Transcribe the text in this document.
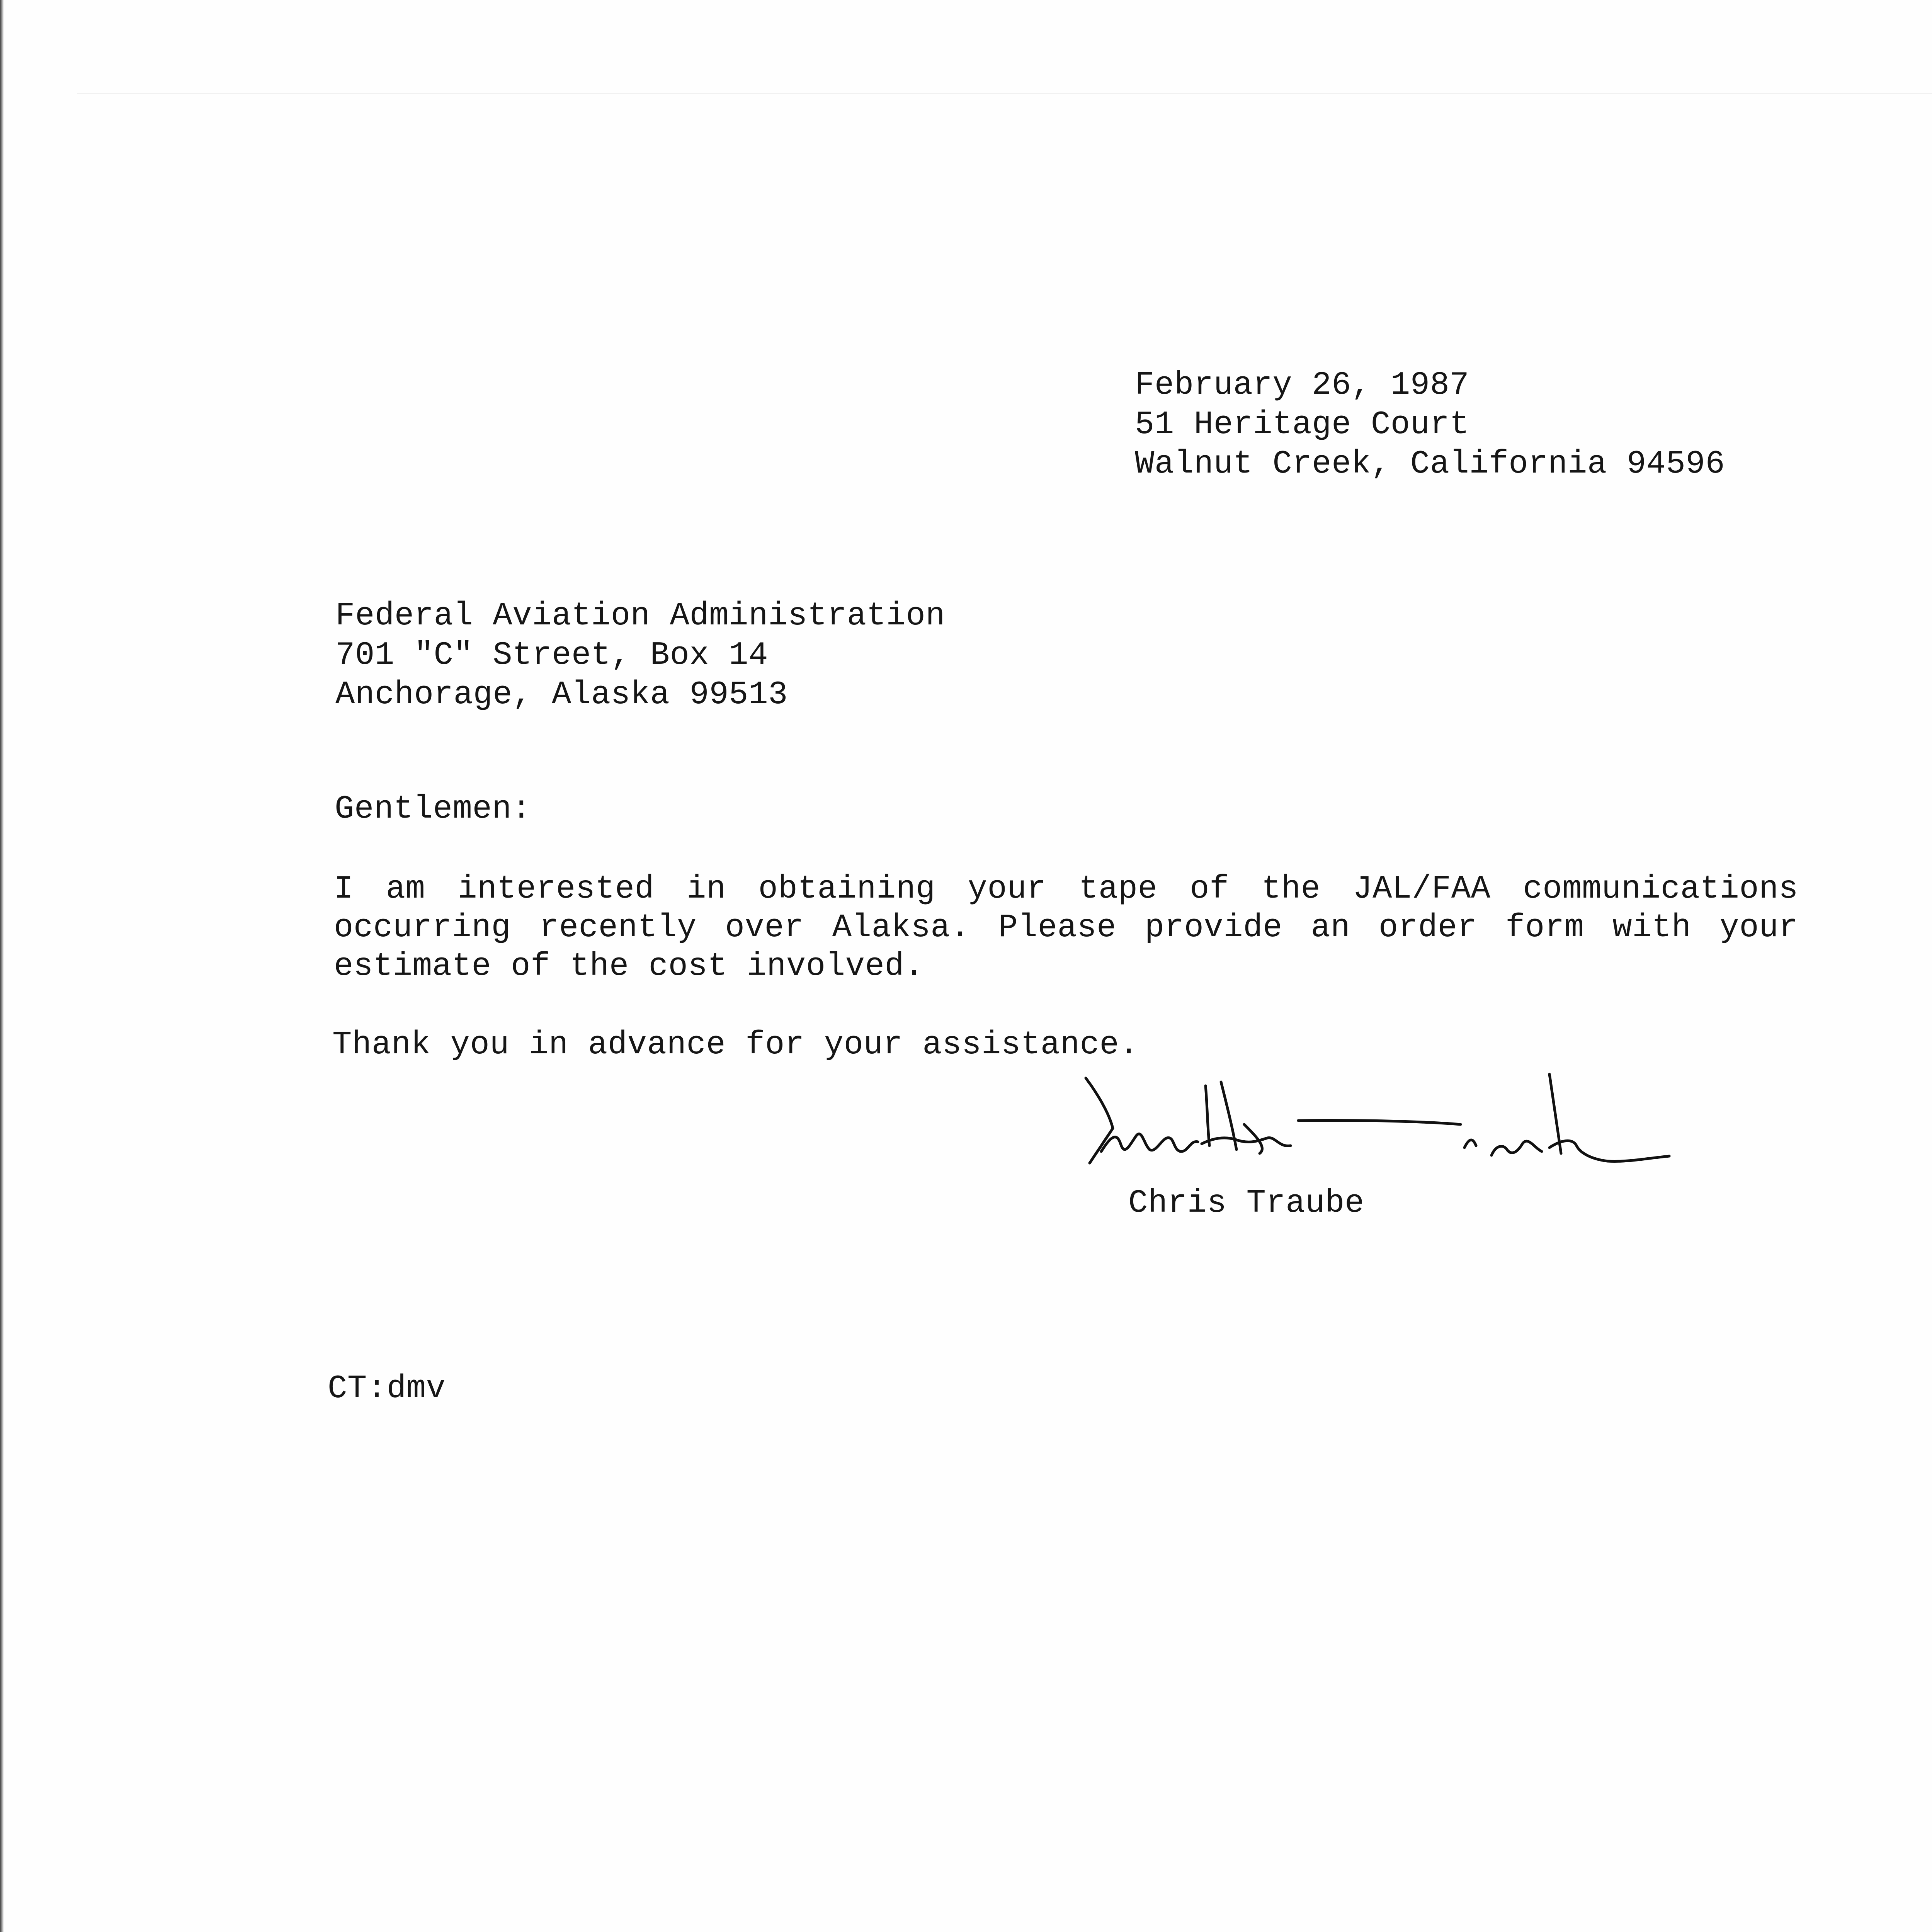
February 26, 1987
51 Heritage Court
Walnut Creek, California 94596
Federal Aviation Administration
701 "C" Street, Box 14
Anchorage, Alaska 99513
Gentlemen:
I am interested in obtaining your tape of the JAL/FAA communications
occurring recently over Alaksa. Please provide an order form with your
estimate of the cost involved.
Thank you in advance for your assistance.
Chris Traube
CT:dmv
